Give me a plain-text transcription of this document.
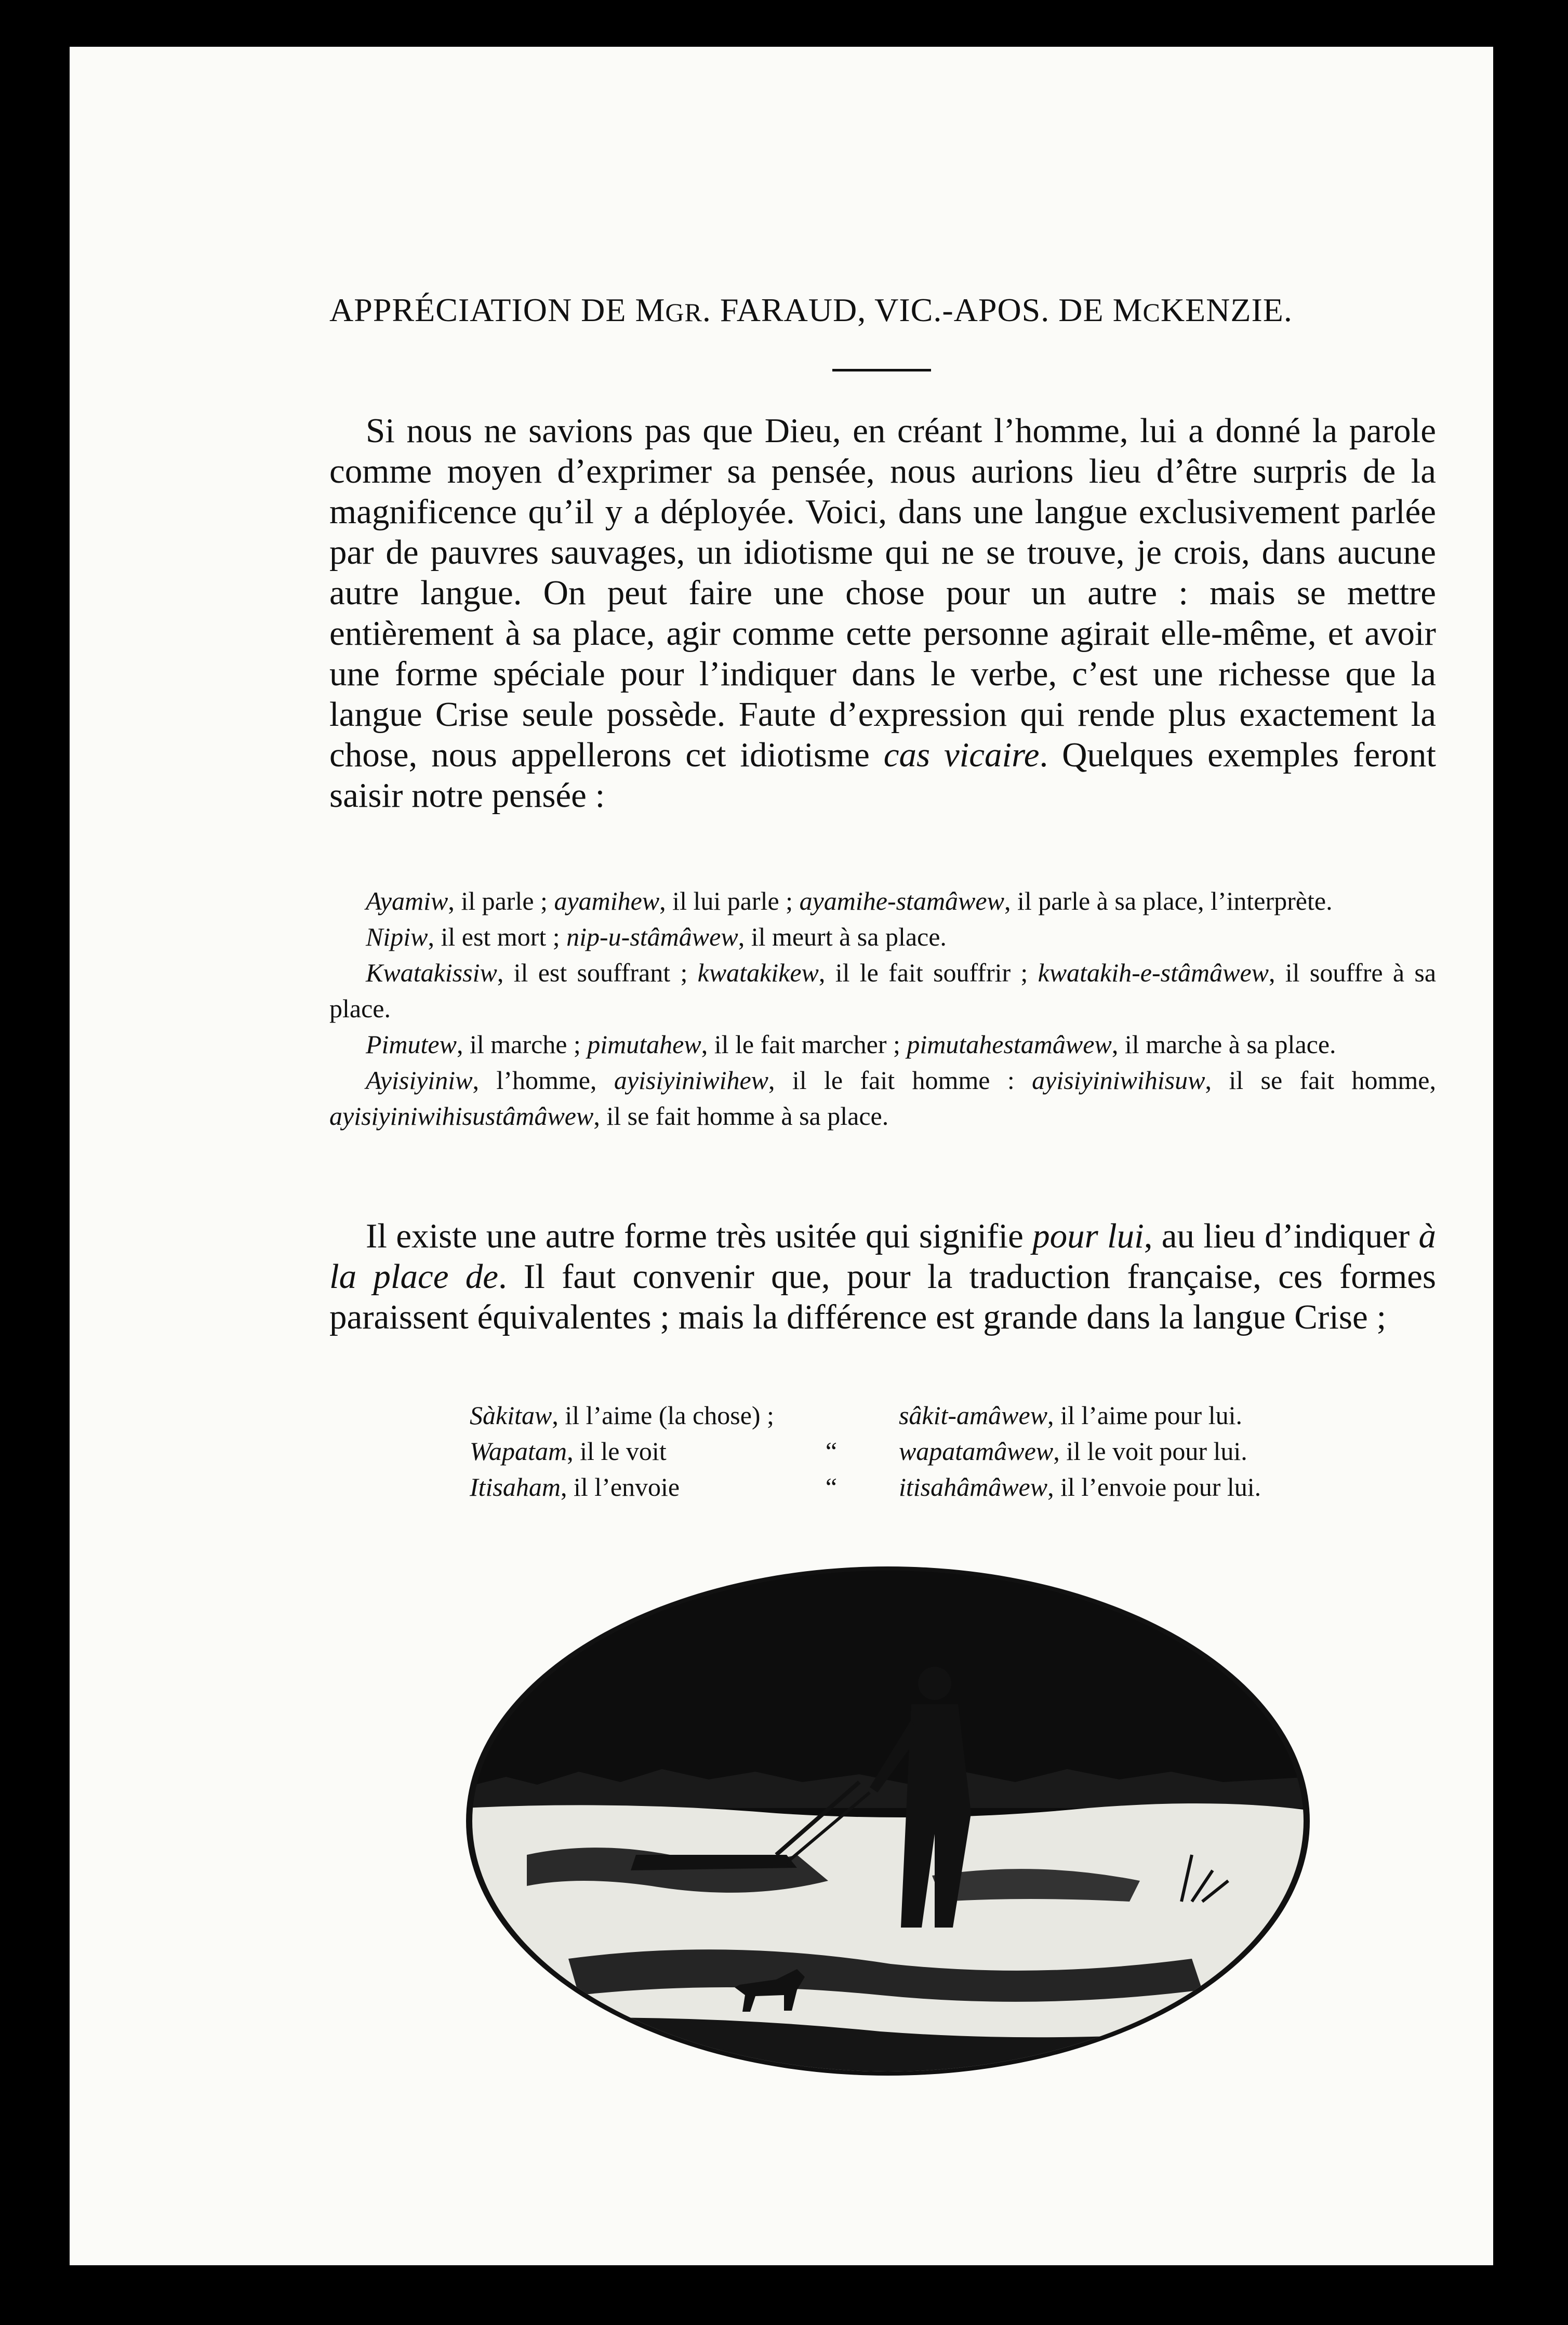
APPRÉCIATION DE MGR. FARAUD, VIC.-APOS. DE MCKENZIE.

Si nous ne savions pas que Dieu, en créant l’homme, lui a donné la parole comme moyen d’exprimer sa pensée, nous aurions lieu d’être surpris de la magnificence qu’il y a déployée. Voici, dans une langue exclusivement parlée par de pauvres sauvages, un idiotisme qui ne se trouve, je crois, dans aucune autre langue. On peut faire une chose pour un autre : mais se mettre entièrement à sa place, agir comme cette personne agirait elle-même, et avoir une forme spéciale pour l’indiquer dans le verbe, c’est une richesse que la langue Crise seule possède. Faute d’expression qui rende plus exactement la chose, nous appellerons cet idiotisme cas vicaire. Quelques exemples feront saisir notre pensée :

Ayamiw, il parle ; ayamihew, il lui parle ; ayamihe-stamâwew, il parle à sa place, l’interprète.

Nipiw, il est mort ; nip-u-stâmâwew, il meurt à sa place.

Kwatakissiw, il est souffrant ; kwatakikew, il le fait souffrir ; kwatakih-e-stâmâwew, il souffre à sa place.

Pimutew, il marche ; pimutahew, il le fait marcher ; pimutahestamâwew, il marche à sa place.

Ayisiyiniw, l’homme, ayisiyiniwihew, il le fait homme : ayisiyiniwihisuw, il se fait homme, ayisiyiniwihisustâmâwew, il se fait homme à sa place.

Il existe une autre forme très usitée qui signifie pour lui, au lieu d’indiquer à la place de. Il faut convenir que, pour la traduction française, ces formes paraissent équivalentes ; mais la différence est grande dans la langue Crise ;

Sàkitaw, il l’aime (la chose) ;		sâkit-amâwew, il l’aime pour lui.
Wapatam, il le voit	“	wapatamâwew, il le voit pour lui.
Itisaham, il l’envoie	“	itisahâmâwew, il l’envoie pour lui.
